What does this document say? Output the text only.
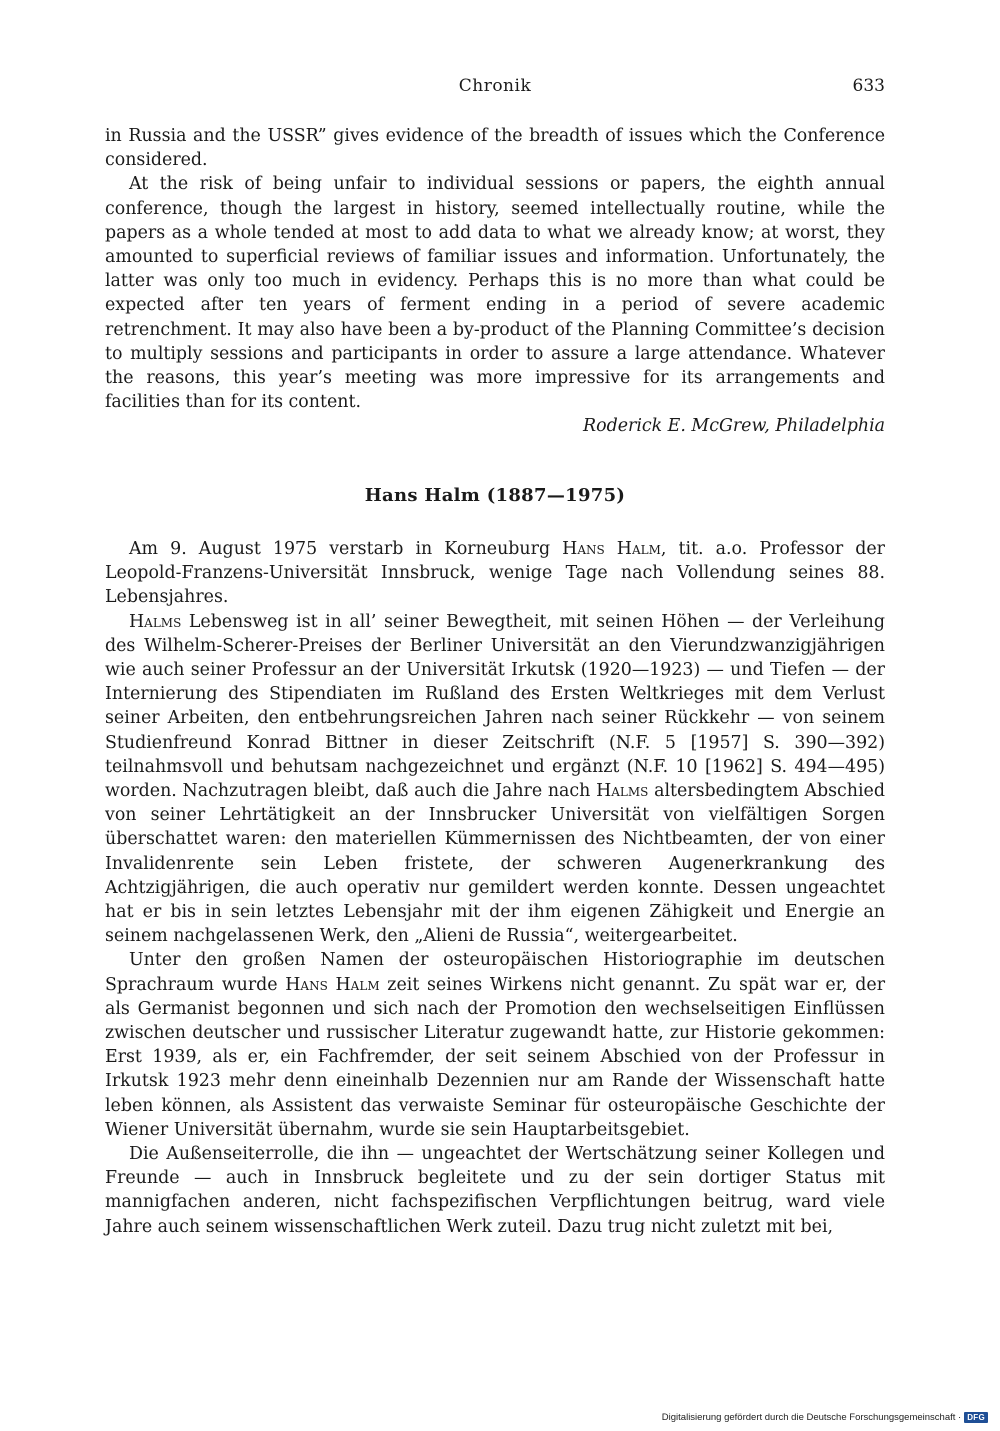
Chronik	633

in Russia and the USSR” gives evidence of the breadth of issues which the Conference considered.

At the risk of being unfair to individual sessions or papers, the eighth annual conference, though the largest in history, seemed intellectually routine, while the papers as a whole tended at most to add data to what we already know; at worst, they amounted to superficial reviews of familiar issues and information. Unfortunately, the latter was only too much in evidency. Perhaps this is no more than what could be expected after ten years of ferment ending in a period of severe academic retrenchment. It may also have been a by-product of the Planning Committee’s decision to multiply sessions and participants in order to assure a large attendance. Whatever the reasons, this year’s meeting was more impressive for its arrangements and facilities than for its content.

Roderick E. McGrew, Philadelphia

Hans Halm (1887—1975)

Am 9. August 1975 verstarb in Korneuburg Hans Halm, tit. a.o. Professor der Leopold-Franzens-Universität Innsbruck, wenige Tage nach Vollendung seines 88. Lebensjahres.

Halms Lebensweg ist in all’ seiner Bewegtheit, mit seinen Höhen — der Verleihung des Wilhelm-Scherer-Preises der Berliner Universität an den Vierundzwanzigjährigen wie auch seiner Professur an der Universität Irkutsk (1920—1923) — und Tiefen — der Internierung des Stipendiaten im Rußland des Ersten Weltkrieges mit dem Verlust seiner Arbeiten, den entbehrungsreichen Jahren nach seiner Rückkehr — von seinem Studienfreund Konrad Bittner in dieser Zeitschrift (N.F. 5 [1957] S. 390—392) teilnahmsvoll und behutsam nachgezeichnet und ergänzt (N.F. 10 [1962] S. 494—495) worden. Nachzutragen bleibt, daß auch die Jahre nach Halms altersbedingtem Abschied von seiner Lehrtätigkeit an der Innsbrucker Universität von vielfältigen Sorgen überschattet waren: den materiellen Kümmernissen des Nichtbeamten, der von einer Invalidenrente sein Leben fristete, der schweren Augenerkrankung des Achtzigjährigen, die auch operativ nur gemildert werden konnte. Dessen ungeachtet hat er bis in sein letztes Lebensjahr mit der ihm eigenen Zähigkeit und Energie an seinem nachgelassenen Werk, den „Alieni de Russia“, weitergearbeitet.

Unter den großen Namen der osteuropäischen Historiographie im deutschen Sprachraum wurde Hans Halm zeit seines Wirkens nicht genannt. Zu spät war er, der als Germanist begonnen und sich nach der Promotion den wechselseitigen Einflüssen zwischen deutscher und russischer Literatur zugewandt hatte, zur Historie gekommen: Erst 1939, als er, ein Fachfremder, der seit seinem Abschied von der Professur in Irkutsk 1923 mehr denn eineinhalb Dezennien nur am Rande der Wissenschaft hatte leben können, als Assistent das verwaiste Seminar für osteuropäische Geschichte der Wiener Universität übernahm, wurde sie sein Hauptarbeitsgebiet.

Die Außenseiterrolle, die ihn — ungeachtet der Wertschätzung seiner Kollegen und Freunde — auch in Innsbruck begleitete und zu der sein dortiger Status mit mannigfachen anderen, nicht fachspezifischen Verpflichtungen beitrug, ward viele Jahre auch seinem wissenschaftlichen Werk zuteil. Dazu trug nicht zuletzt mit bei,

Digitalisierung gefördert durch die Deutsche Forschungsgemeinschaft · DFG
